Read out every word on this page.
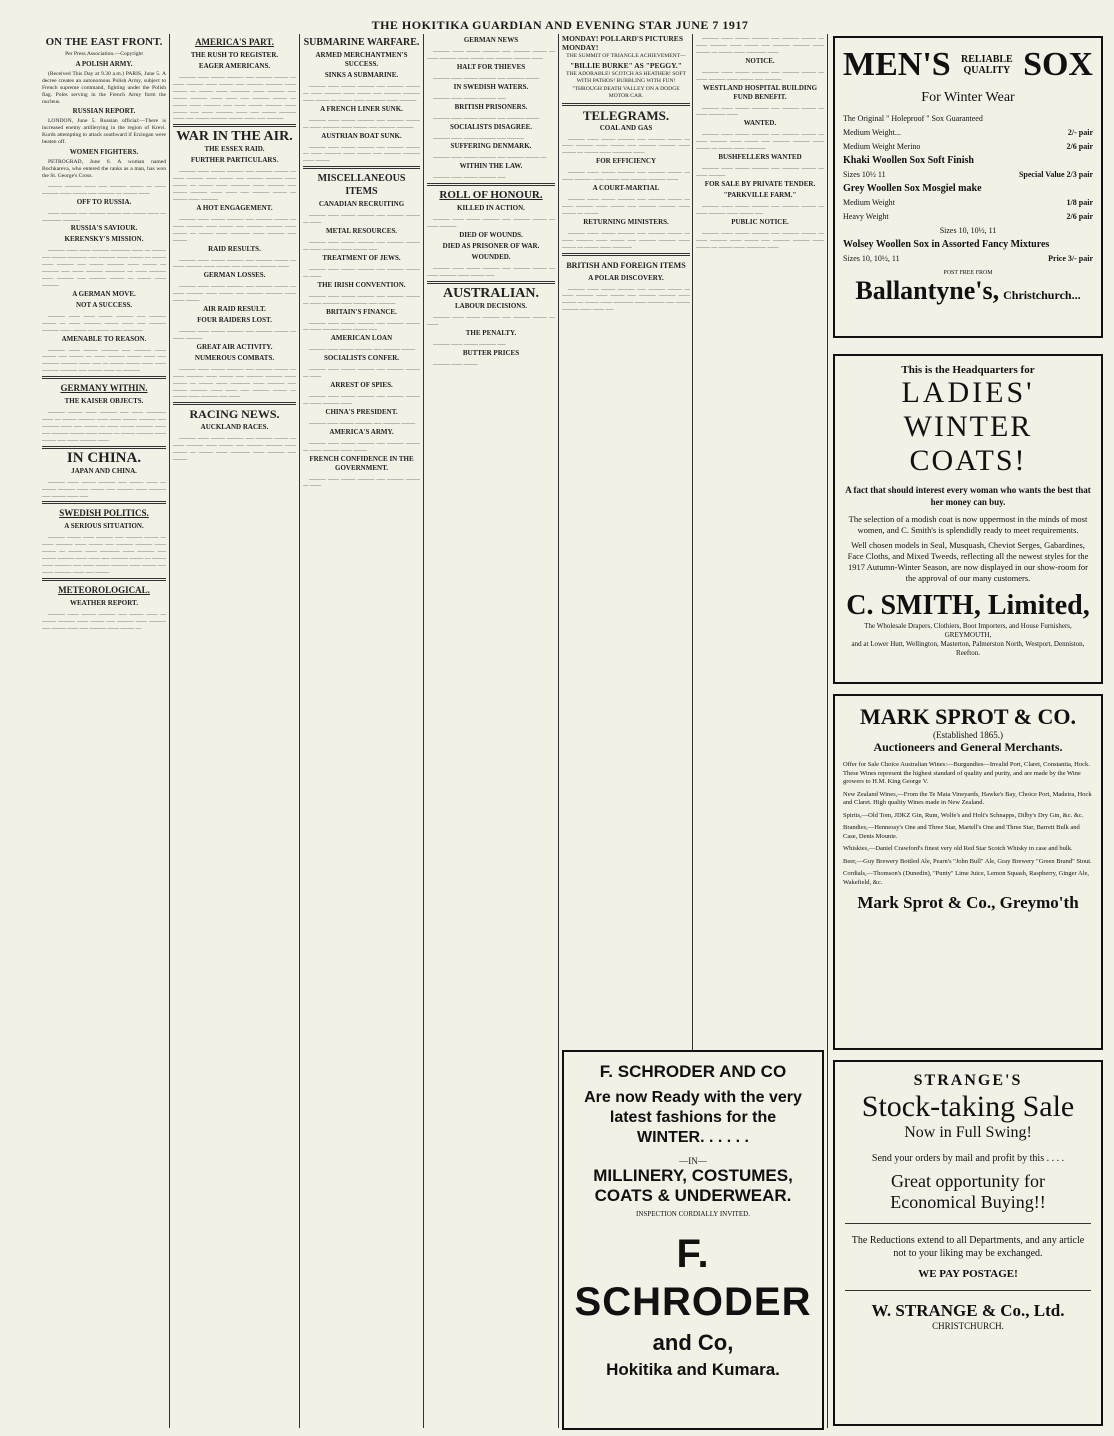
THE HOKITIKA GUARDIAN AND EVENING STAR JUNE 7 1917
ON THE EAST FRONT.
Per Press Association.—Copyright
A POLISH ARMY.

(Received This Day at 9.30 a.m.) PARIS, June 5. A decree creates an autonomous Polish Army, subject to French supreme command, fighting under the Polish flag. Poles serving in the French Army form the nucleus.

RUSSIAN REPORT.

LONDON, June 5. Russian official:—There is increased enemy artillerying in the region of Krevi. Kurds attempting to attack southward if Erzingan were beaten off.

WOMEN FIGHTERS.

PETROGRAD, June 6. A woman named Bochkareva, who entered the ranks as a man, has won the St. George's Cross.

_____ ______ ____ ___ ______ _____ __ ____ ______ ____ _____ ___ ______ __ _____ ____

OFF TO RUSSIA.

____ ______ ___ ______ _____ ___ _____ ____ __ _______ ______

RUSSIA'S SAVIOUR.
KERENSKY'S MISSION.

______ ____ ____ ______ _______ ____ __ _____ ___ _____ _______ ___ ______ ____ _____ __ _____ ____ ______ ___ _____ ______ ____ _____ __ ______ ___ ____ ______ _______ __ ____ ______ ____ ______ ___ ______ _____ __ _____ ____ ______

A GERMAN MOVE.
NOT A SUCCESS.

______ ____ ____ _____ ______ ___ ______ _____ __ ____ ______ _____ ____ ___ ______ ______ ____ _____ __ _____ ____ _______

AMENABLE TO REASON.

______ ____ _____ ______ ___ ______ ____ _____ ___ _____ __ ____ ______ _____ ____ ___ ______ ______ ____ ___ __ _____ _____ ____ ____ ______ ______ ___ _____ ____ __ ______

GERMANY WITHIN.
THE KAISER OBJECTS.

______ _____ ____ ______ ___ ____ _______ ____ __ _____ ______ ____ ____ _____ ______ ___ ______ ____ ___ _____ __ ____ _____ ______ ____ ___ ______ _____ ____ _____ __ _____ ______ ____ _____ ___ ____ ______ ____

IN CHINA.
JAPAN AND CHINA.

______ ____ _____ ______ ___ _____ ____ __ _____ ______ ____ _____ ___ ______ ____ ______ ___ _____ ____ ___

SWEDISH POLITICS.
A SERIOUS SITUATION.

______ _____ ____ ______ ___ ______ _____ __ ____ ______ ____ _____ ___ ______ ______ ____ _____ __ _____ ____ _______ ____ ______ ___ _____ ______ ____ ____ ___ ______ _____ __ _____ ____ ______ ___ ____ _____ ______ ____ _____ ___ ____ ______ ____ ___ _____

METEOROLOGICAL.
WEATHER REPORT.

______ ____ _____ ______ ___ _____ ____ __ _____ ______ ____ _____ ___ ______ ____ ______ ___ _____ ____ ___ ______ ____ _____ __

AMERICA'S PART.
THE RUSH TO REGISTER.
EAGER AMERICANS.

______ ____ _____ ______ ___ ______ _____ __ ____ ______ ____ _____ ___ ______ ______ ____ _____ __ _____ ____ _______ ____ ______ ___ _____ ______ ____ ____ ___ ______ _____ __ _____ ____ ______ ___ ____ _____ ______ ____ _____ ___ ____ ______ ____ ___ _____ ______ ____ ___ _____ ______ _____ ____ ___ ______

WAR IN THE AIR.
THE ESSEX RAID.
FURTHER PARTICULARS.

______ ____ _____ ______ ___ ______ _____ __ ____ ______ ____ _____ ___ ______ ______ ____ _____ __ _____ ____ _______ ____ ______ ___ _____ ______ ____ ____ ___ ______ _____ __ _____ ____ ______

A HOT ENGAGEMENT.

______ ____ _____ ______ ___ ______ _____ __ ____ ______ ____ _____ ___ ______ ______ ____ _____ __ _____ ____ _______ ____ ______ ___ _____

RAID RESULTS.

______ ____ _____ ______ ___ ______ _____ __ ____ ______ ____ _____ ___ ______ ______ ____

GERMAN LOSSES.

______ ____ _____ ______ ___ ______ _____ __ ____ ______ ____ _____ ___ ______ ______ ____ ____ _____

AIR RAID RESULT.
FOUR RAIDERS LOST.

______ ____ _____ ______ ___ ______ _____ __ ____ ______

GREAT AIR ACTIVITY.
NUMEROUS COMBATS.

______ ____ _____ ______ ___ ______ _____ __ ____ ______ ____ _____ ___ ______ ______ ____ _____ __ _____ ____ _______ ____ ______ ___ _____ ______ ____ ____ ___ ______ _____ __ _____ ____ ______ ___ ____

RACING NEWS.
AUCKLAND RACES.

______ ____ _____ ______ ___ ______ _____ __ ____ ______ ____ _____ ___ ______ ______ ____ _____ __ _____ ____ _______ ____ ______ ___ _____

SUBMARINE WARFARE.
ARMED MERCHANTMEN'S SUCCESS.
SINKS A SUBMARINE.

______ ____ _____ ______ ___ ______ _____ __ ____ ______ ____ _____ ___ ______ ______ ____ _____ __ _____ ____ _______ ____ ______

A FRENCH LINER SUNK.

______ ____ _____ ______ ___ ______ _____ __ ____ ______ ____ _____ ___ ______ ______

AUSTRIAN BOAT SUNK.

______ ____ _____ ______ ___ ______ _____ __ ____ ______ ____ _____ ___ ______ ______ ____ _____

MISCELLANEOUS ITEMS
CANADIAN RECRUITING

______ ____ _____ ______ ___ ______ _____ __ ____

METAL RESOURCES.

______ ____ _____ ______ ___ ______ _____ __ ____ ______ ____ _____ ___

TREATMENT OF JEWS.

______ ____ _____ ______ ___ ______ _____ __ ____

THE IRISH CONVENTION.

______ ____ _____ ______ ___ ______ _____ __ ____ ______ ____ _____ ___ ______

BRITAIN'S FINANCE.

______ ____ _____ ______ ___ ______ _____ __ ____ ______ ____ _____ ___

AMERICAN LOAN

______ ____ _____ ______ ___ ______ _____

SOCIALISTS CONFER.

______ ____ _____ ______ ___ ______ _____ __ ____

ARREST OF SPIES.

______ ____ _____ ______ ___ ______ _____ __ ____ ______ ____

CHINA'S PRESIDENT.

______ ____ _____ ______ ___ ______ _____

AMERICA'S ARMY.

______ ____ _____ ______ ___ ______ _____ __ ____ ______ ____ _____

FRENCH CONFIDENCE IN THE GOVERNMENT.

______ ____ _____ ______ ___ ______ _____ __ ____

GERMAN NEWS

______ ____ _____ ______ ___ ______ _____ __ ____ ______ ____ _____ ___ ______ ______ ____

HALT FOR THIEVES

______ ____ _____ ______ ___ ______ _____

IN SWEDISH WATERS.

______ ____ _____ ______ ___

BRITISH PRISONERS.

______ ____ _____ ______ ___ ______ _____

SOCIALISTS DISAGREE.

______ ____ _____ ______ ___ ______

SUFFERING DENMARK.

______ ____ _____ ______ ___ ______ _____ __

WITHIN THE LAW.

______ ____ _____ ______ ___

ROLL OF HONOUR.
KILLED IN ACTION.

______ ____ _____ ______ ___ ______ _____ __ ____ ______

DIED OF WOUNDS.
DIED AS PRISONER OF WAR.
WOUNDED.

______ ____ _____ ______ ___ ______ _____ __ ____ ______ ____ _____ ___

AUSTRALIAN.
LABOUR DECISIONS.

______ ____ _____ ______ ___ ______ _____ __ ____

THE PENALTY.

______ ____ _____ ______ ___

BUTTER PRICES

______ ____ _____

MONDAY! POLLARD'S PICTURES MONDAY!
THE SUMMIT OF TRIANGLE ACHIEVEMENT—
"BILLIE BURKE" AS "PEGGY."
THE ADORABLE! SCOTCH AS HEATHER! SOFT WITH PATHOS! BUBBLING WITH FUN!
"THROUGH DEATH VALLEY ON A DODGE MOTOR CAR.
TELEGRAMS.
COAL AND GAS

______ ____ _____ ______ ___ ______ _____ __ ____ ______ ____ _____ ___ ______ ______ ____ _____ __ _____ ____ _______ ____

FOR EFFICIENCY

______ ____ _____ ______ ___ ______ _____ __ ____ ______ ____ _____ ___ ______ ______ ____

A COURT-MARTIAL

______ ____ _____ ______ ___ ______ _____ __ ____ ______ ____ _____ ___ ______ ______ ____ _____ __ _____

RETURNING MINISTERS.

______ ____ _____ ______ ___ ______ _____ __ ____ ______ ____ _____ ___ ______ ______ ____ _____ __ _____ ____ _______

BRITISH AND FOREIGN ITEMS
A POLAR DISCOVERY.

______ ____ _____ ______ ___ ______ _____ __ ____ ______ ____ _____ ___ ______ ______ ____ _____ __ _____ ____ _______ ____ ______ ___ _____ ______ ____ ____ ___

______ ____ _____ ______ ___ ______ _____ __ ____ ______ ____ _____ ___ ______ ______ ____ _____ __ _____ ____ _______ ____

NOTICE.

______ ____ _____ ______ ___ ______ _____ __ ____ ______ ____ _____ ___ ______

WESTLAND HOSPITAL BUILDING FUND BENEFIT.

______ ____ _____ ______ ___ ______ _____ __ ____ ______ ____

WANTED.

______ ____ _____ ______ ___ ______ _____ __ ____ ______ ____ _____ ___ ______ ______ ____ _____ __ _____ ____ _______

BUSHFELLERS WANTED

______ ____ _____ ______ ___ ______ _____ __ ____ ______

FOR SALE BY PRIVATE TENDER.
"PARKVILLE FARM."

______ ____ _____ ______ ___ ______ _____ __ ____ ______ ____ _____ ___

PUBLIC NOTICE.

______ ____ _____ ______ ___ ______ _____ __ ____ ______ ____ _____ ___ ______ ______ ____ _____ __ _____ ____ _______ ____

F. SCHRODER AND CO
Are now Ready with the very latest fashions for the WINTER. . . . . .
—IN—
MILLINERY, COSTUMES, COATS & UNDERWEAR.
INSPECTION CORDIALLY INVITED.
F. SCHRODER
and Co,
Hokitika and Kumara.
MEN'S	RELIABLE QUALITY SOX
For Winter Wear
The Original " Holeproof " Sox Guaranteed
Medium Weight...	2/- pair
Medium Weight Merino	2/6 pair
Khaki Woollen Sox Soft Finish
Sizes 10½ 11	Special Value 2/3 pair
Grey Woollen Sox Mosgiel make
Medium Weight	1/8 pair
Heavy Weight	2/6 pair
Sizes 10, 10½, 11
Wolsey Woollen Sox in Assorted Fancy Mixtures
Sizes 10, 10½, 11	Price 3/- pair
POST FREE FROM
Ballantyne's, Christchurch...
This is the Headquarters for
LADIES'
WINTER COATS!
A fact that should interest every woman who wants the best that her money can buy.
The selection of a modish coat is now uppermost in the minds of most women, and C. Smith's is splendidly ready to meet requirements.
Well chosen models in Seal, Musquash, Cheviot Serges, Gabardines, Face Cloths, and Mixed Tweeds, reflecting all the newest styles for the 1917 Autumn-Winter Season, are now displayed in our show-room for the approval of our many customers.
C. SMITH, Limited,
The Wholesale Drapers, Clothiers, Boot Importers, and House Furnishers, GREYMOUTH,
and at Lower Hutt, Wellington, Masterton, Palmerston North, Westport, Denniston, Reefton.
MARK SPROT & CO.
(Established 1865.)
Auctioneers and General Merchants.

Offer for Sale Choice Australian Wines:—Burgundies—Invalid Port, Claret, Constantia, Hock. These Wines represent the highest standard of quality and purity, and are made by the Wine growers to H.M. King George V.

New Zealand Wines,—From the Te Mata Vineyards, Hawke's Bay, Choice Port, Madeira, Hock and Claret. High quality Wines made in New Zealand.

Spirits,—Old Tom, JDKZ Gin, Rum, Wolfe's and Holt's Schnapps, Dilby's Dry Gin, &c. &c.

Brandies,—Hennessy's One and Three Star, Martell's One and Three Star, Barrett Bulk and Case, Denis Mounie.

Whiskies,—Daniel Crawford's finest very old Red Star Scotch Whisky in case and bulk.

Beer,—Guy Brewery Bottled Ale, Pearn's "John Bull" Ale, Gray Brewery "Green Brand" Stout.

Cordials,—Thomson's (Dunedin), "Punty" Lime Juice, Lemon Squash, Raspberry, Ginger Ale, Wakefield, &c.

Mark Sprot & Co., Greymo'th
STRANGE'S
Stock-taking Sale
Now in Full Swing!
Send your orders by mail and profit by this . . . .
Great opportunity for
Economical Buying!!
The Reductions extend to all Departments, and any article not to your liking may be exchanged.
WE PAY POSTAGE!
W. STRANGE & Co., Ltd.
CHRISTCHURCH.
